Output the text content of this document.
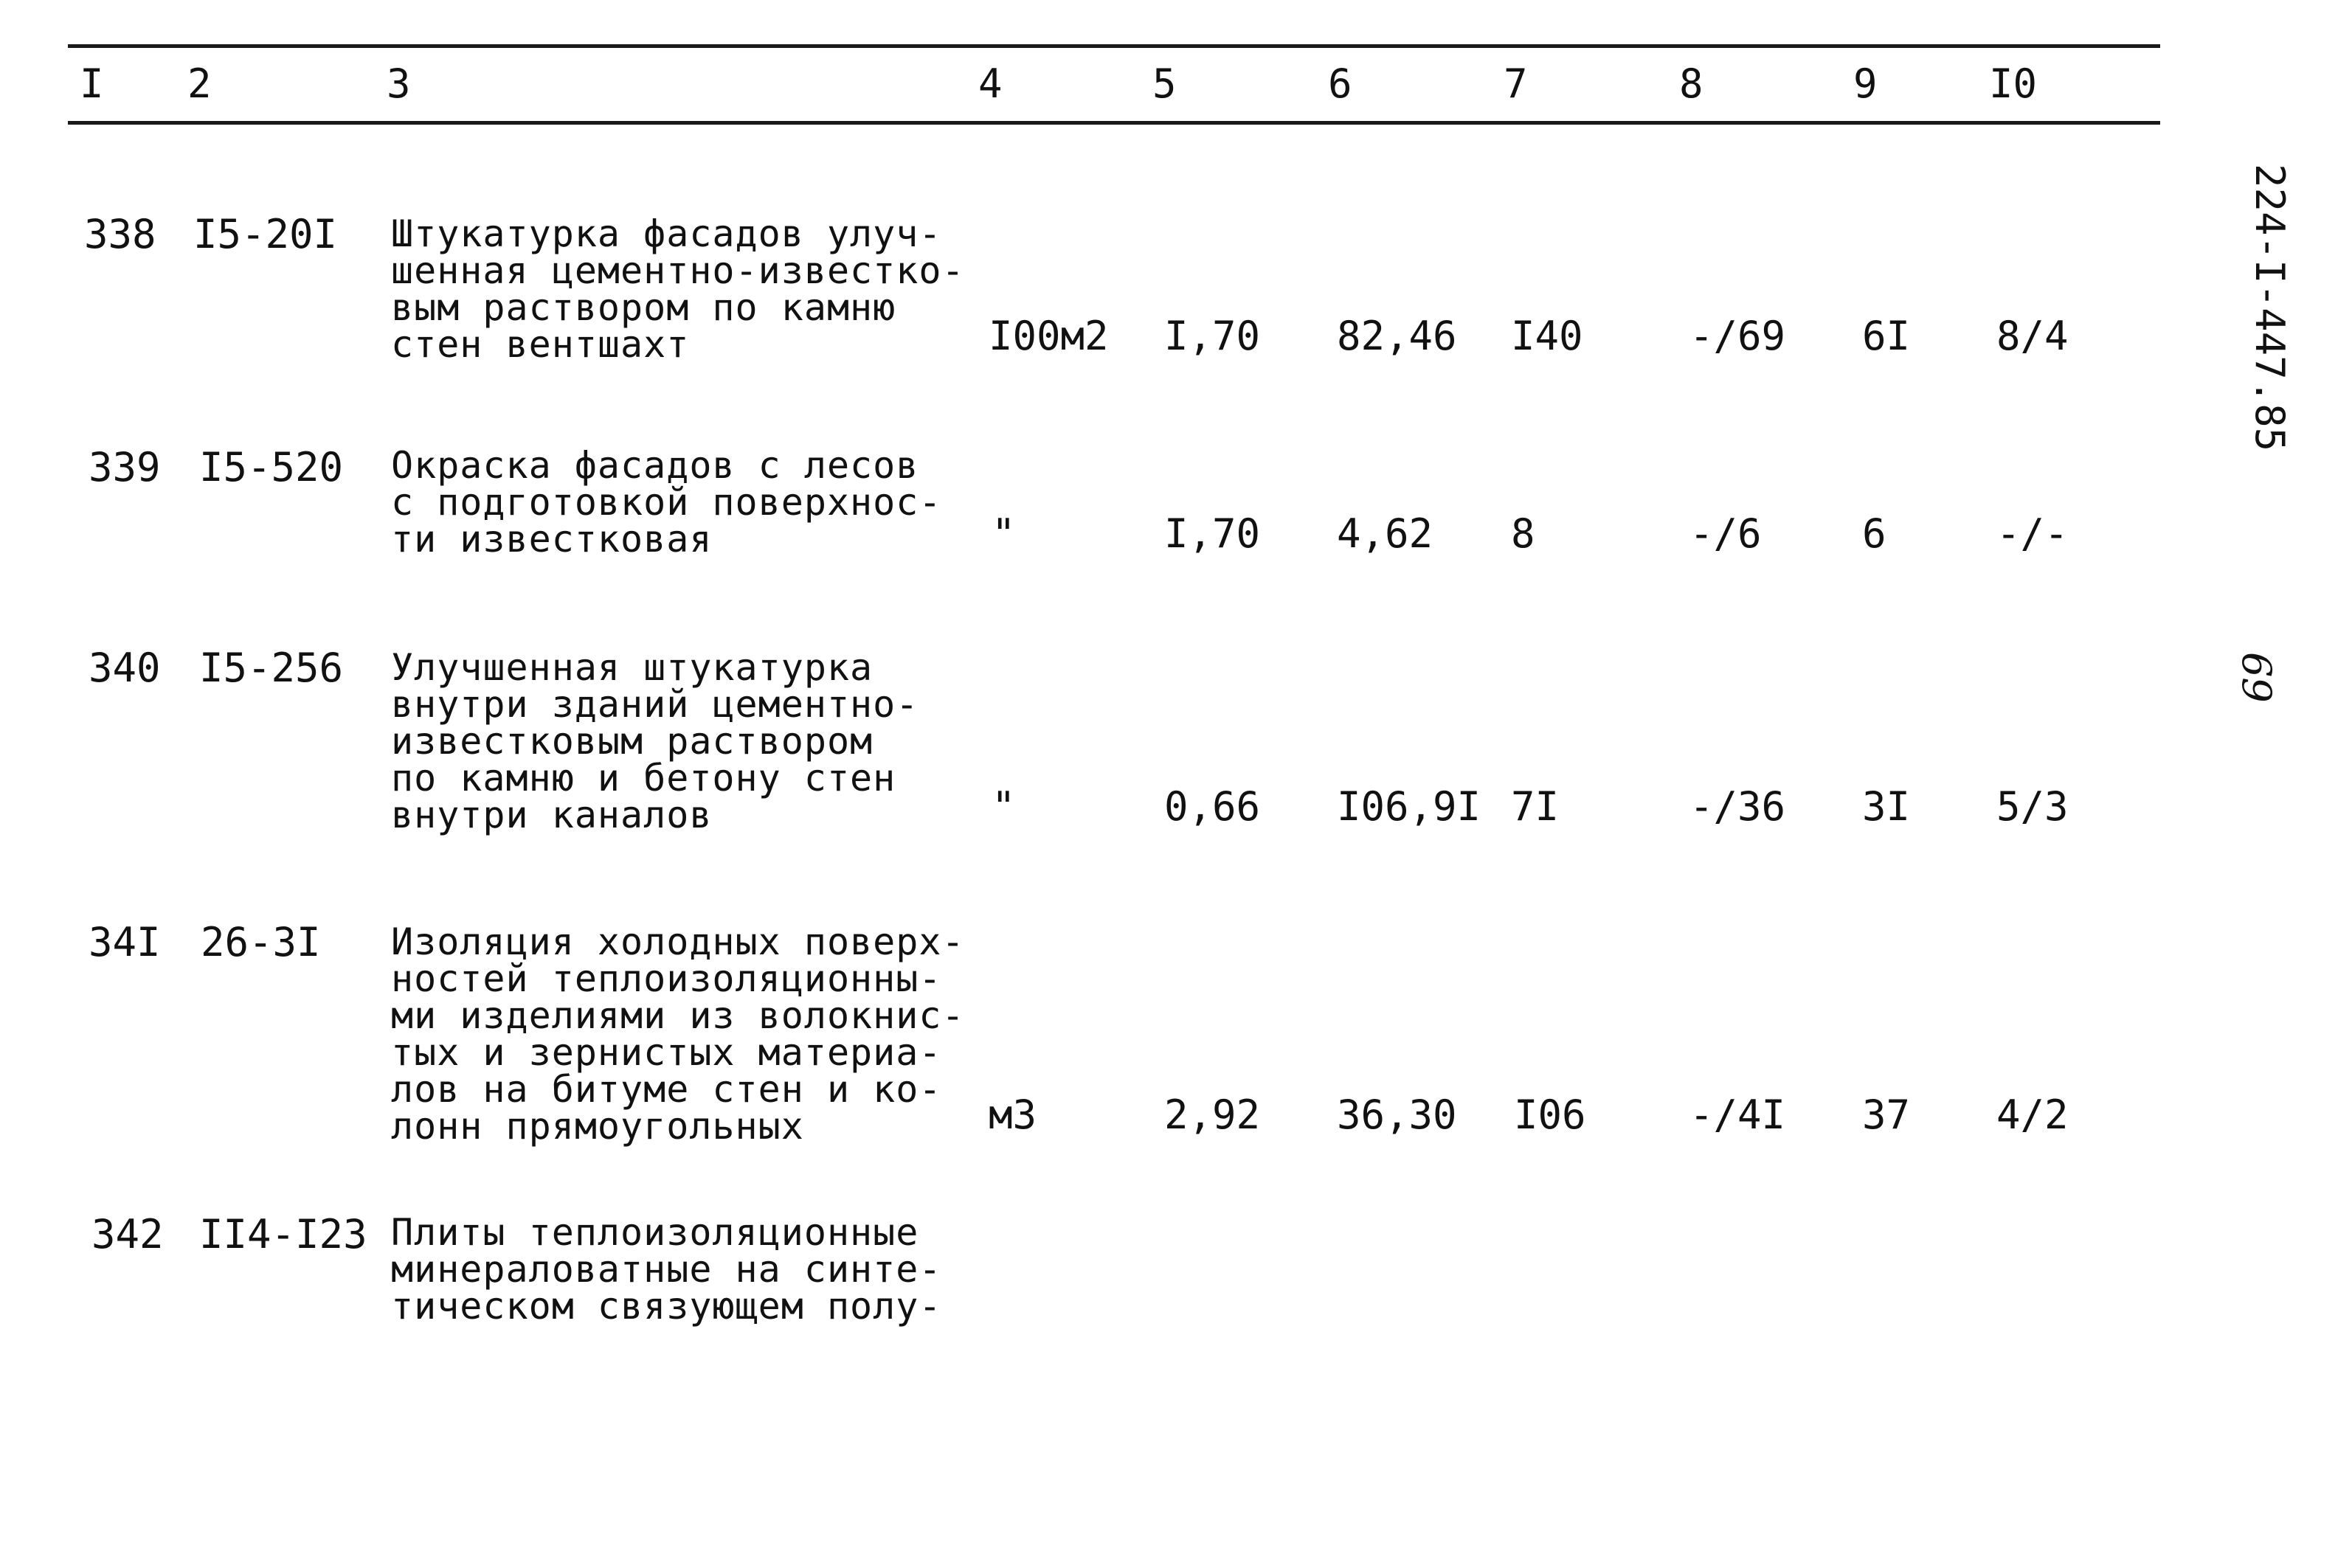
I 2	3	4	5	6	7	8	9	I0
338 I5-20I Штукатурка фасадов улуч-
шенная цементно-известко-
вым раствором по камню
стен вентшахт	I00м2 I,70 82,46 I40	-/69 6I 8/4
339 I5-520 Окраска фасадов с лесов
с подготовкой поверхнос-
ти известковая	"	I,70 4,62 8	-/6	6	-/-
340 I5-256 Улучшенная штукатурка
внутри зданий цементно-
известковым раствором
по камню и бетону стен
внутри каналов	"	0,66 I06,9I 7I	-/36 3I 5/3
34I 26-3I Изоляция холодных поверх-
ностей теплоизоляционны-
ми изделиями из волокнис-
тых и зернистых материа-
лов на битуме стен и ко-
лонн прямоугольных	м3	2,92 36,30 I06	-/4I 37 4/2
342 II4-I23 Плиты теплоизоляционные
минераловатные на синте-
тическом связующем полу-
224-I-447.85
69
